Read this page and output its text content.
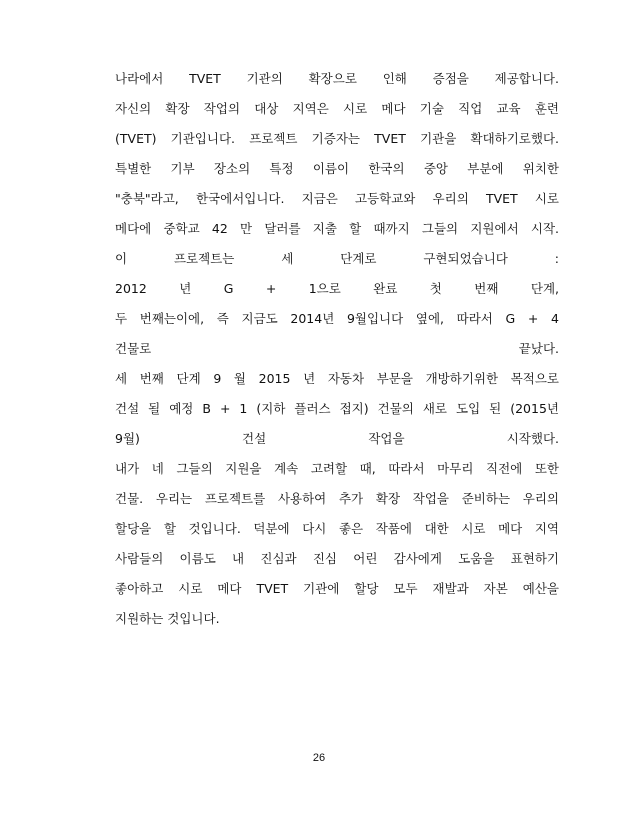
나라에서 TVET 기관의 확장으로 인해 증점을 제공합니다.
자신의 확장 작업의 대상 지역은 시로 메다 기술 직업 교육 훈련
(TVET) 기관입니다. 프로젝트 기증자는 TVET 기관을 확대하기로했다.
특별한 기부 장소의 특정 이름이 한국의 중앙 부분에 위치한
"충북"라고, 한국에서입니다. 지금은 고등학교와 우리의 TVET 시로
메다에 중학교 42 만 달러를 지출 할 때까지 그들의 지원에서 시작.
이 프로젝트는 세 단계로 구현되었습니다 :
2012 년 G + 1으로 완료 첫 번째 단계,
두 번째는이에, 즉 지금도 2014년 9월입니다 옆에, 따라서 G + 4
건물로 끝났다.
세 번째 단계 9 월 2015 년 자동차 부문을 개방하기위한 목적으로
건설 될 예정 B + 1 (지하 플러스 접지) 건물의 새로 도입 된 (2015년
9월) 건설 작업을 시작했다.
내가 네 그들의 지원을 계속 고려할 때, 따라서 마무리 직전에 또한
건물. 우리는 프로젝트를 사용하여 추가 확장 작업을 준비하는 우리의
할당을 할 것입니다. 덕분에 다시 좋은 작품에 대한 시로 메다 지역
사람들의 이름도 내 진심과 진심 어린 감사에게 도움을 표현하기
좋아하고 시로 메다 TVET 기관에 할당 모두 재발과 자본 예산을
지원하는 것입니다.
26
